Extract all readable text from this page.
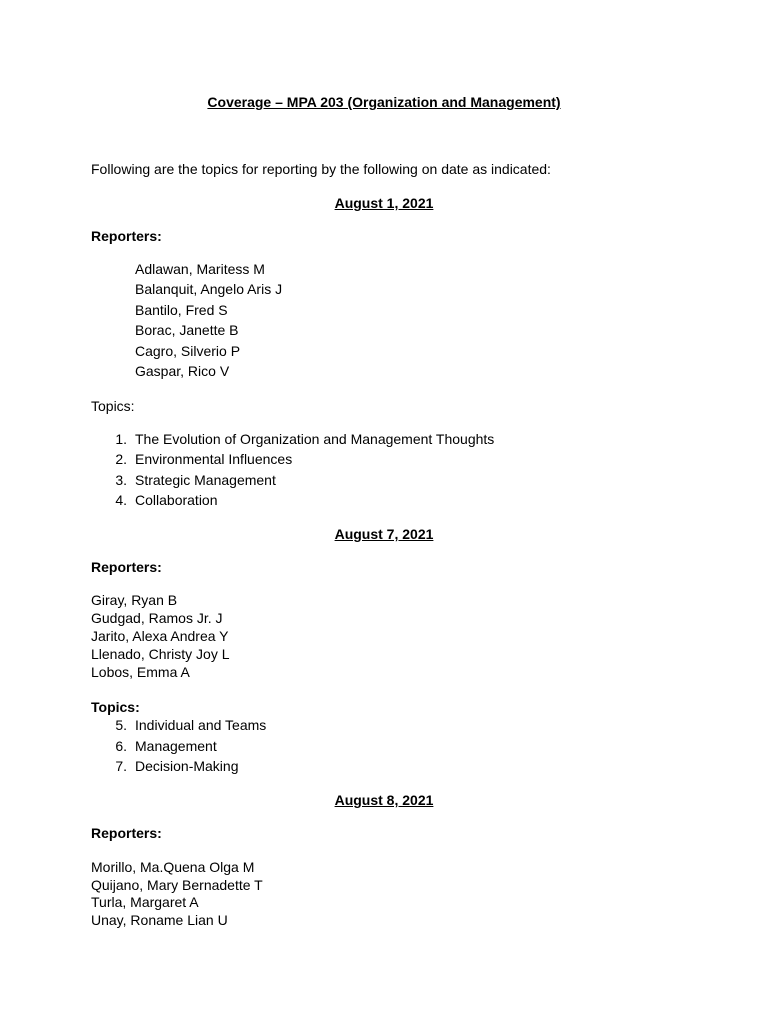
Coverage – MPA 203 (Organization and Management)
Following are the topics for reporting by the following on date as indicated:
August 1, 2021
Reporters:
Adlawan, Maritess M
Balanquit, Angelo Aris J
Bantilo, Fred S
Borac, Janette B
Cagro, Silverio P
Gaspar, Rico V
Topics:
1. The Evolution of Organization and Management Thoughts
2. Environmental Influences
3. Strategic Management
4. Collaboration
August 7, 2021
Reporters:
Giray, Ryan B
Gudgad, Ramos Jr. J
Jarito, Alexa Andrea Y
Llenado, Christy Joy L
Lobos, Emma A
Topics:
5. Individual and Teams
6. Management
7. Decision-Making
August 8, 2021
Reporters:
Morillo, Ma.Quena Olga M
Quijano, Mary Bernadette T
Turla, Margaret A
Unay, Roname Lian U
